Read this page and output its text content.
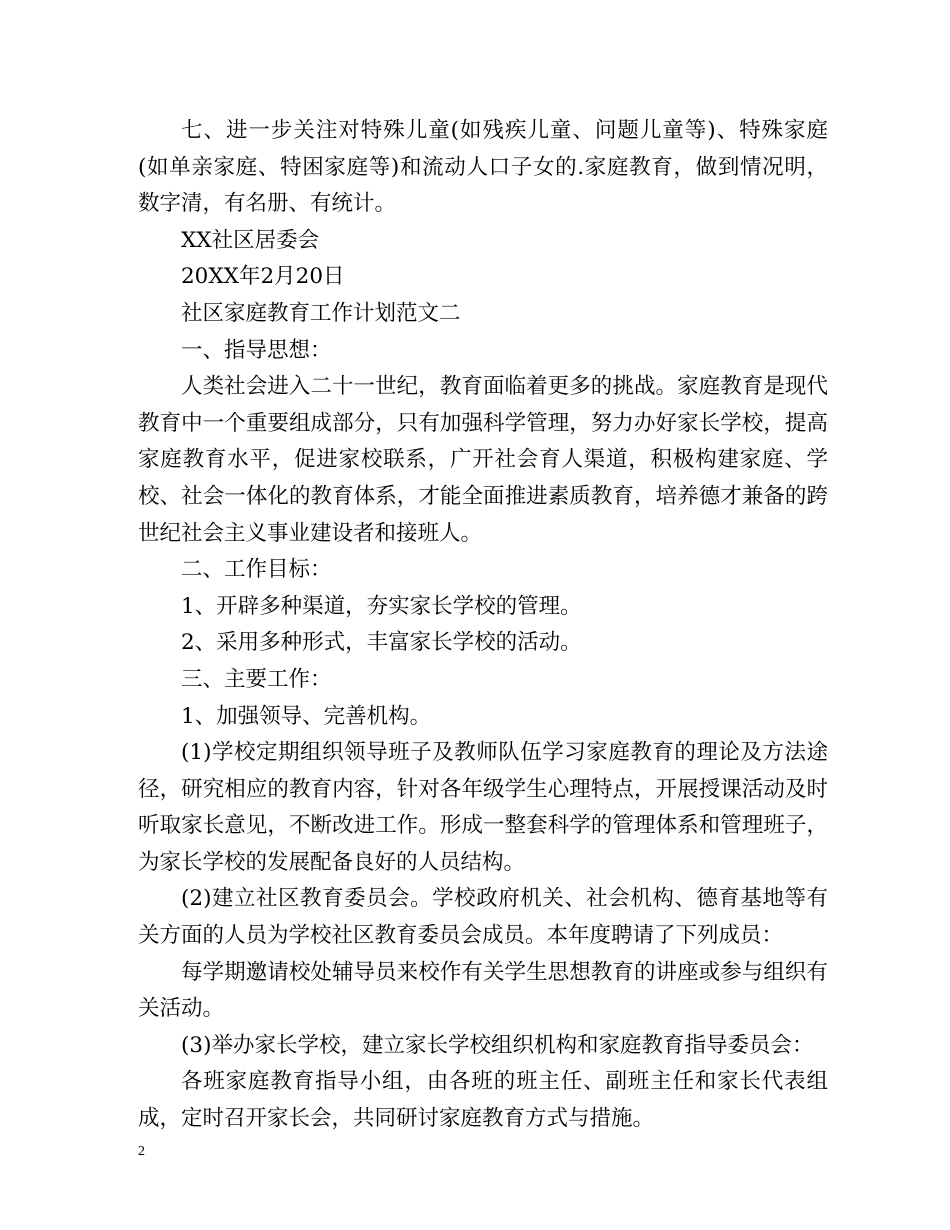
七、进一步关注对特殊儿童(如残疾儿童、问题儿童等)、特殊家庭(如单亲家庭、特困家庭等)和流动人口子女的.家庭教育，做到情况明，数字清，有名册、有统计。

XX社区居委会

20XX年2月20日

社区家庭教育工作计划范文二

一、指导思想：

人类社会进入二十一世纪，教育面临着更多的挑战。家庭教育是现代教育中一个重要组成部分，只有加强科学管理，努力办好家长学校，提高家庭教育水平，促进家校联系，广开社会育人渠道，积极构建家庭、学校、社会一体化的教育体系，才能全面推进素质教育，培养德才兼备的跨世纪社会主义事业建设者和接班人。

二、工作目标：

1、开辟多种渠道，夯实家长学校的管理。

2、采用多种形式，丰富家长学校的活动。

三、主要工作：

1、加强领导、完善机构。

(1)学校定期组织领导班子及教师队伍学习家庭教育的理论及方法途径，研究相应的教育内容，针对各年级学生心理特点，开展授课活动及时听取家长意见，不断改进工作。形成一整套科学的管理体系和管理班子，为家长学校的发展配备良好的人员结构。

(2)建立社区教育委员会。学校政府机关、社会机构、德育基地等有关方面的人员为学校社区教育委员会成员。本年度聘请了下列成员：

每学期邀请校处辅导员来校作有关学生思想教育的讲座或参与组织有关活动。

(3)举办家长学校，建立家长学校组织机构和家庭教育指导委员会：

各班家庭教育指导小组，由各班的班主任、副班主任和家长代表组成，定时召开家长会，共同研讨家庭教育方式与措施。

2
